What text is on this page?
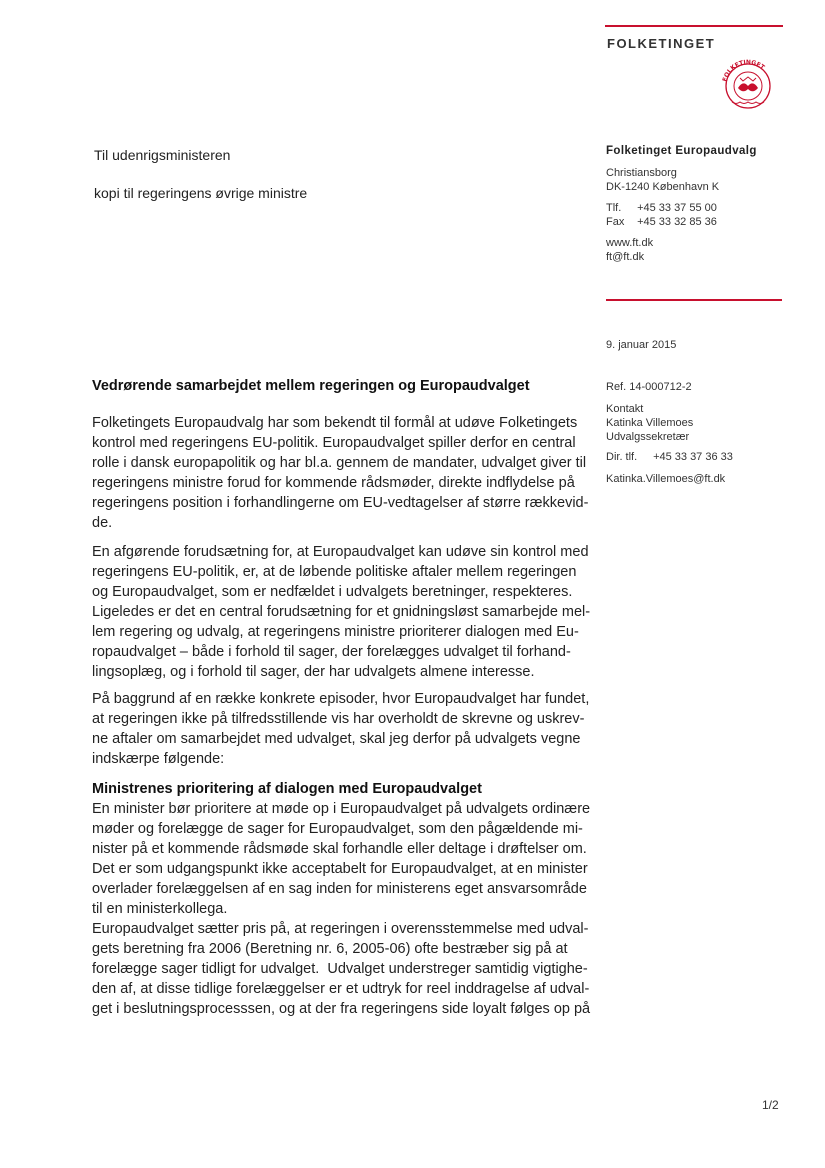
FOLKETINGET
FOLKETINGET
Til udenrigsministeren
kopi til regeringens øvrige ministre
Folketinget Europaudvalg
Christiansborg
DK-1240 København K
Tlf. +45 33 37 55 00
Fax +45 33 32 85 36
www.ft.dk
ft@ft.dk
9. januar 2015
Ref. 14-000712-2
Kontakt
Katinka Villemoes
Udvalgssekretær
Dir. tlf. +45 33 37 36 33
Katinka.Villemoes@ft.dk
Vedrørende samarbejdet mellem regeringen og Europaudvalget

Folketingets Europaudvalg har som bekendt til formål at udøve Folketingets

kontrol med regeringens EU-politik. Europaudvalget spiller derfor en central

rolle i dansk europapolitik og har bl.a. gennem de mandater, udvalget giver til

regeringens ministre forud for kommende rådsmøder, direkte indflydelse på

regeringens position i forhandlingerne om EU-vedtagelser af større rækkevid-

de.

En afgørende forudsætning for, at Europaudvalget kan udøve sin kontrol med

regeringens EU-politik, er, at de løbende politiske aftaler mellem regeringen

og Europaudvalget, som er nedfældet i udvalgets beretninger, respekteres.

Ligeledes er det en central forudsætning for et gnidningsløst samarbejde mel-

lem regering og udvalg, at regeringens ministre prioriterer dialogen med Eu-

ropaudvalget – både i forhold til sager, der forelægges udvalget til forhand-

lingsoplæg, og i forhold til sager, der har udvalgets almene interesse.

På baggrund af en række konkrete episoder, hvor Europaudvalget har fundet,

at regeringen ikke på tilfredsstillende vis har overholdt de skrevne og uskrev-

ne aftaler om samarbejdet med udvalget, skal jeg derfor på udvalgets vegne

indskærpe følgende:

Ministrenes prioritering af dialogen med Europaudvalget

En minister bør prioritere at møde op i Europaudvalget på udvalgets ordinære

møder og forelægge de sager for Europaudvalget, som den pågældende mi-

nister på et kommende rådsmøde skal forhandle eller deltage i drøftelser om.

Det er som udgangspunkt ikke acceptabelt for Europaudvalget, at en minister

overlader forelæggelsen af en sag inden for ministerens eget ansvarsområde

til en ministerkollega.

Europaudvalget sætter pris på, at regeringen i overensstemmelse med udval-

gets beretning fra 2006 (Beretning nr. 6, 2005-06) ofte bestræber sig på at

forelægge sager tidligt for udvalget.  Udvalget understreger samtidig vigtighe-

den af, at disse tidlige forelæggelser er et udtryk for reel inddragelse af udval-

get i beslutningsprocesssen, og at der fra regeringens side loyalt følges op på

1/2
